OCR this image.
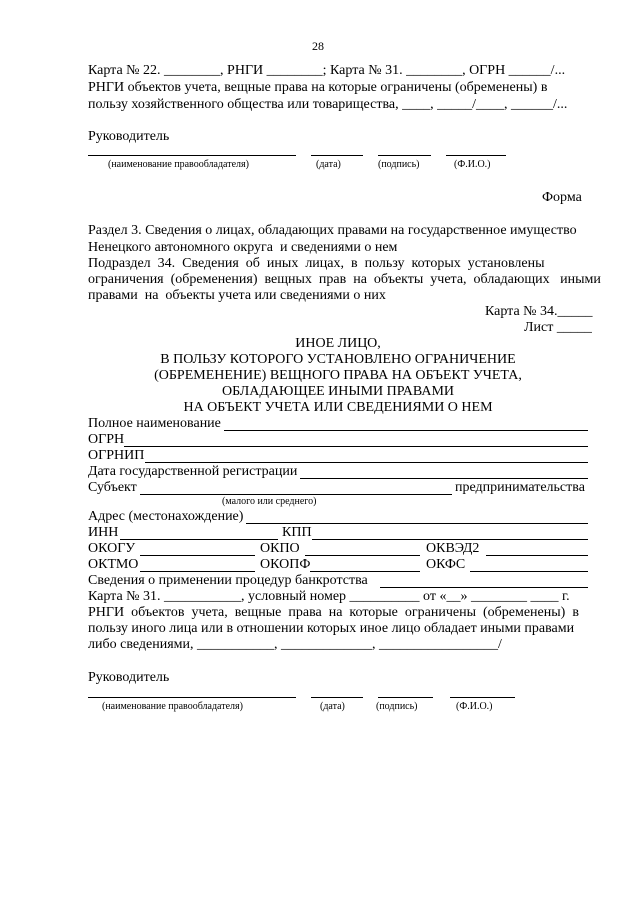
28
Карта № 22. ________, РНГИ ________; Карта № 31. ________, ОГРН ______/...
РНГИ объектов учета, вещные права на которые ограничены (обременены) в
пользу хозяйственного общества или товарищества, ____, _____/____, ______/...
Руководитель
(наименование правообладателя)	(дата)	(подпись)	(Ф.И.О.)
Форма
Раздел 3. Сведения о лицах, обладающих правами на государственное имущество
Ненецкого автономного округа  и сведениями о нем
Подраздел  34.  Сведения  об  иных  лицах,  в  пользу  которых  установлены
ограничения  (обременения)  вещных  прав  на  объекты  учета,  обладающих   иными
правами  на  объекты учета или сведениями о них
Карта № 34._____
Лист _____
ИНОЕ ЛИЦО,
В ПОЛЬЗУ КОТОРОГО УСТАНОВЛЕНО ОГРАНИЧЕНИЕ
(ОБРЕМЕНЕНИЕ) ВЕЩНОГО ПРАВА НА ОБЪЕКТ УЧЕТА,
ОБЛАДАЮЩЕЕ ИНЫМИ ПРАВАМИ
НА ОБЪЕКТ УЧЕТА ИЛИ СВЕДЕНИЯМИ О НЕМ
Полное наименование
ОГРН
ОГРНИП
Дата государственной регистрации
Субъект	предпринимательства
(малого или среднего)
Адрес (местонахождение)
ИНН	КПП
ОКОГУ	ОКПО	ОКВЭД2
ОКТМО	ОКОПФ	ОКФС
Сведения о применении процедур банкротства
Карта № 31. ___________, условный номер __________ от «__» ________ ____ г.
РНГИ  объектов  учета,  вещные  права  на  которые  ограничены  (обременены)  в
пользу иного лица или в отношении которых иное лицо обладает иными правами
либо сведениями, ___________, _____________, _________________/
Руководитель
(наименование правообладателя)	(дата)	(подпись)	(Ф.И.О.)
